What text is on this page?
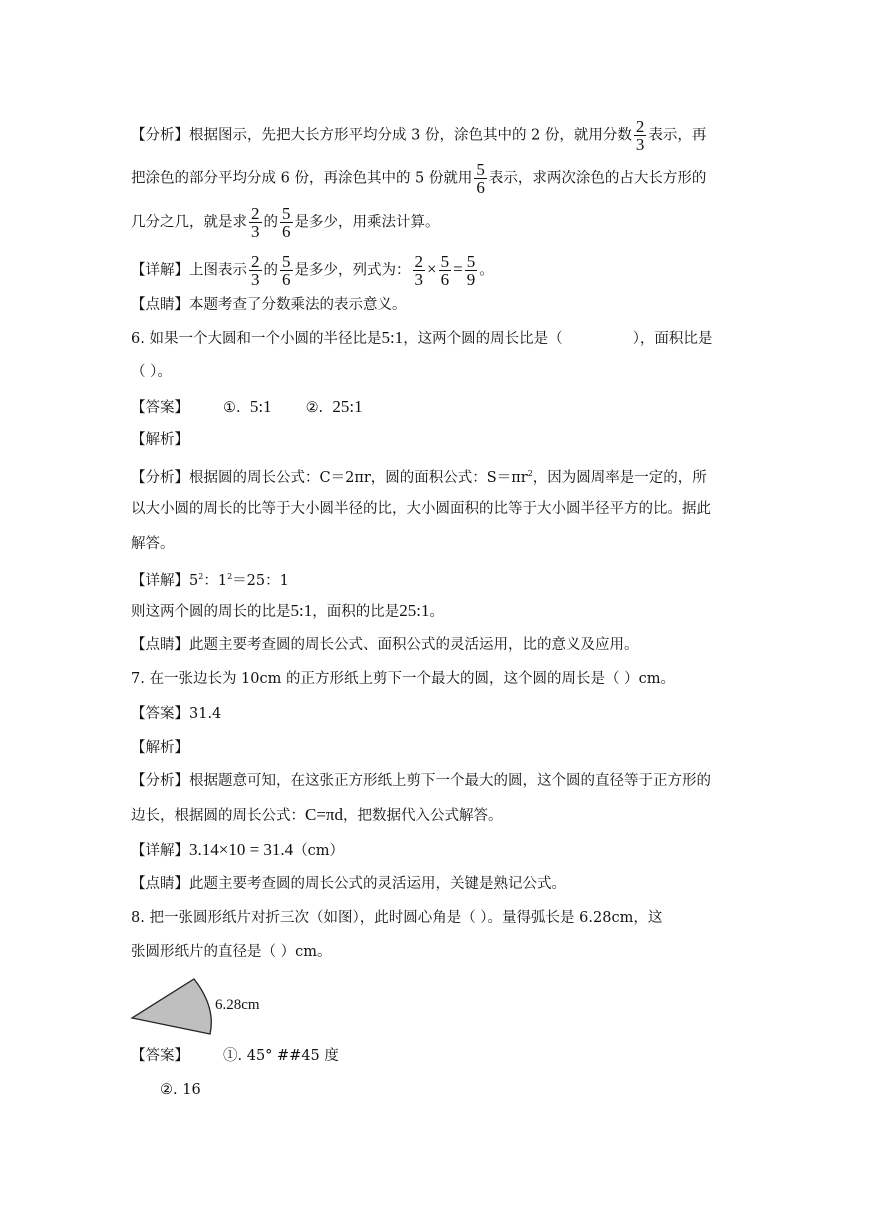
【分析】根据图示，先把大长方形平均分成 3 份，涂色其中的 2 份，就用分数 $\frac{2}{3}$ 表示，再
把涂色的部分平均分成 6 份，再涂色其中的 5 份就用 $\frac{5}{6}$ 表示，求两次涂色的占大长方形的
几分之几，就是求 $\frac{2}{3}$ 的 $\frac{5}{6}$ 是多少，用乘法计算。
【详解】上图表示 $\frac{2}{3}$ 的 $\frac{5}{6}$ 是多少，列式为： $\frac{2}{3} \times \frac{5}{6} = \frac{5}{9}$ 。
【点睛】本题考查了分数乘法的表示意义。
6. 如果一个大圆和一个小圆的半径比是5:1，这两个圆的周长比是（	），面积比是
（ ）。
【答案】 ①. 5:1 ②. 25:1
【解析】
【分析】根据圆的周长公式：C＝2πr，圆的面积公式：$S=\pi r^2$，因为圆周率是一定的，所
以大小圆的周长的比等于大小圆半径的比，大小圆面积的比等于大小圆半径平方的比。据此
解答。
【详解】$5^2$：$1^2=25$：1
则这两个圆的周长的比是5:1，面积的比是25:1。
【点睛】此题主要考查圆的周长公式、面积公式的灵活运用，比的意义及应用。
7. 在一张边长为 10cm 的正方形纸上剪下一个最大的圆，这个圆的周长是（ ）cm。
【答案】31.4
【解析】
【分析】根据题意可知，在这张正方形纸上剪下一个最大的圆，这个圆的直径等于正方形的
边长，根据圆的周长公式：C=πd，把数据代入公式解答。
【详解】3.14×10 = 31.4（cm）
【点睛】此题主要考查圆的周长公式的灵活运用，关键是熟记公式。
8. 把一张圆形纸片对折三次（如图），此时圆心角是（ ）。量得弧长是 6.28cm，这
张圆形纸片的直径是（ ）cm。
6.28cm
【答案】 ①. 45° ##45 度
②. 16
